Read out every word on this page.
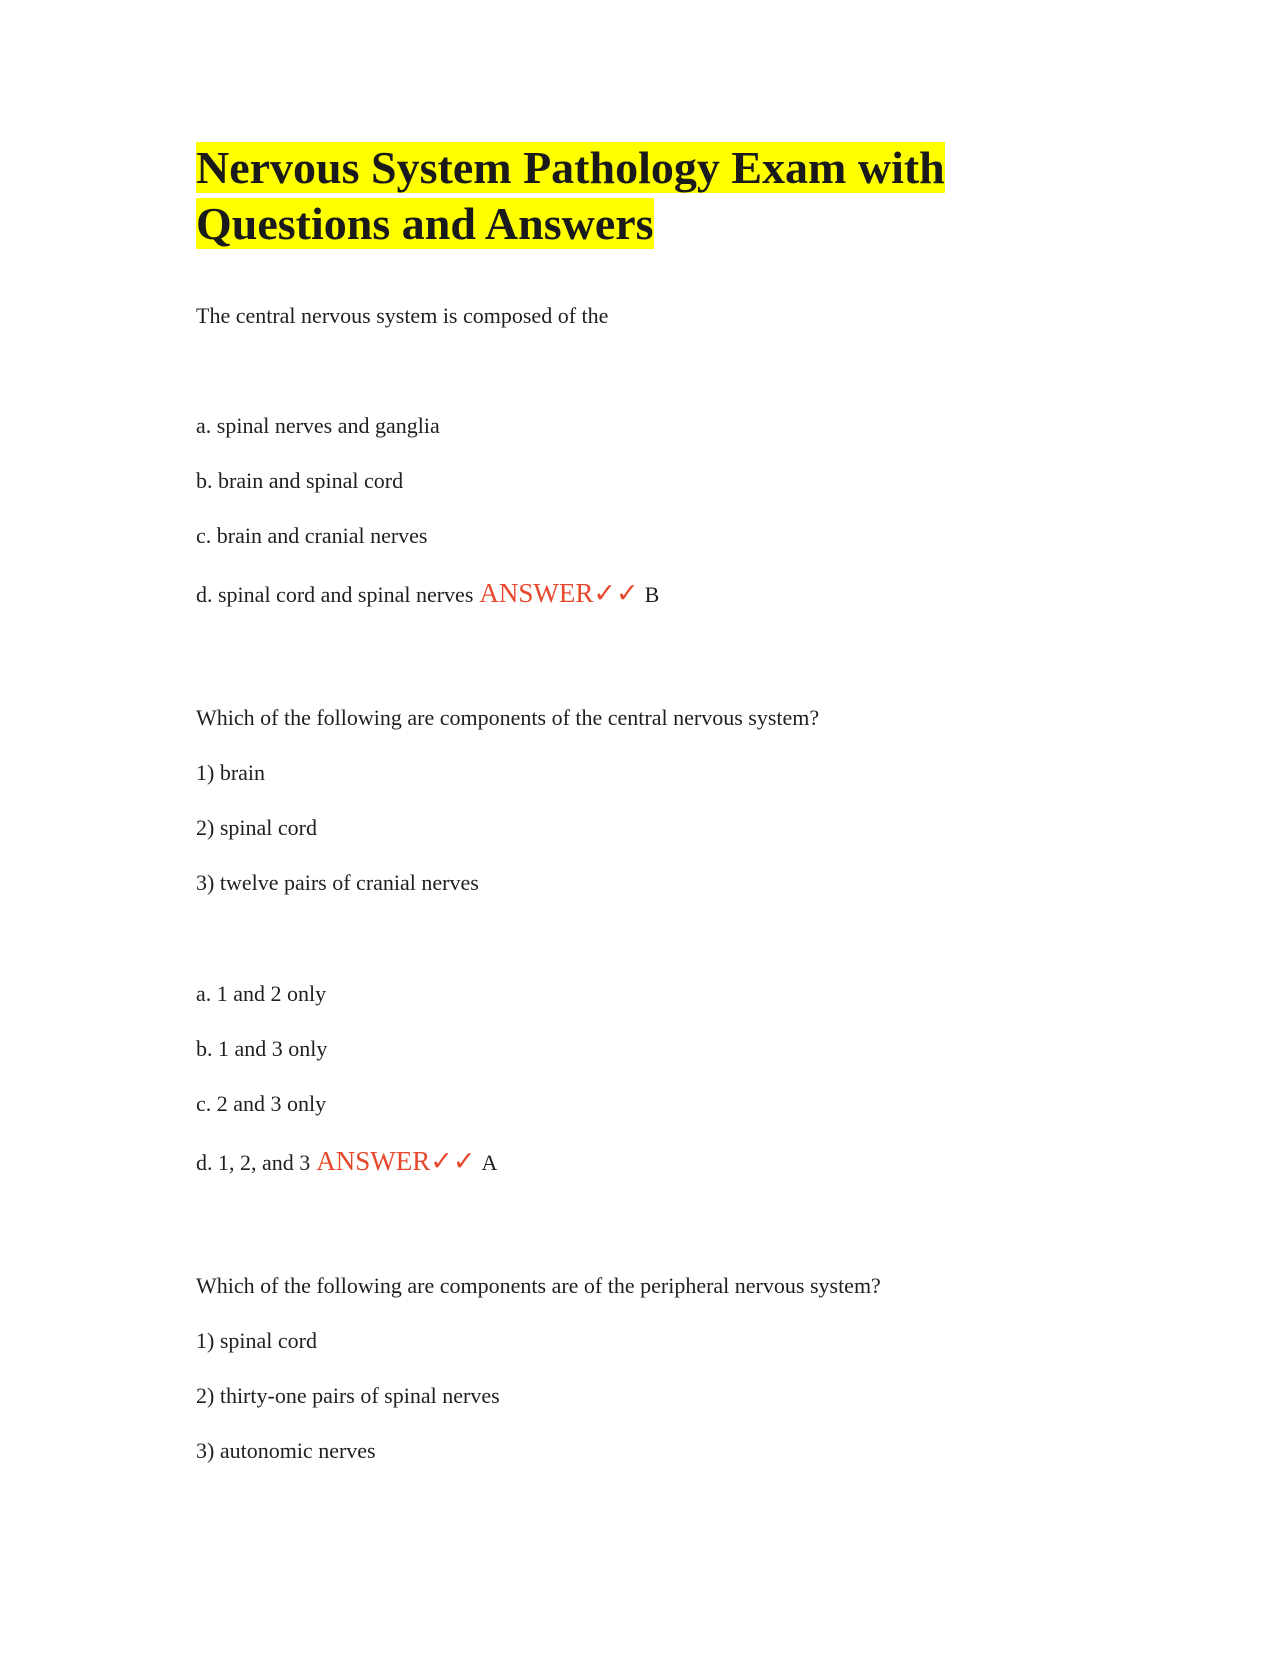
Nervous System Pathology Exam with Questions and Answers

The central nervous system is composed of the

a. spinal nerves and ganglia

b. brain and spinal cord

c. brain and cranial nerves

d. spinal cord and spinal nerves ANSWER✓✓ B

Which of the following are components of the central nervous system?

1) brain

2) spinal cord

3) twelve pairs of cranial nerves

a. 1 and 2 only

b. 1 and 3 only

c. 2 and 3 only

d. 1, 2, and 3 ANSWER✓✓ A

Which of the following are components are of the peripheral nervous system?

1) spinal cord

2) thirty-one pairs of spinal nerves

3) autonomic nerves
